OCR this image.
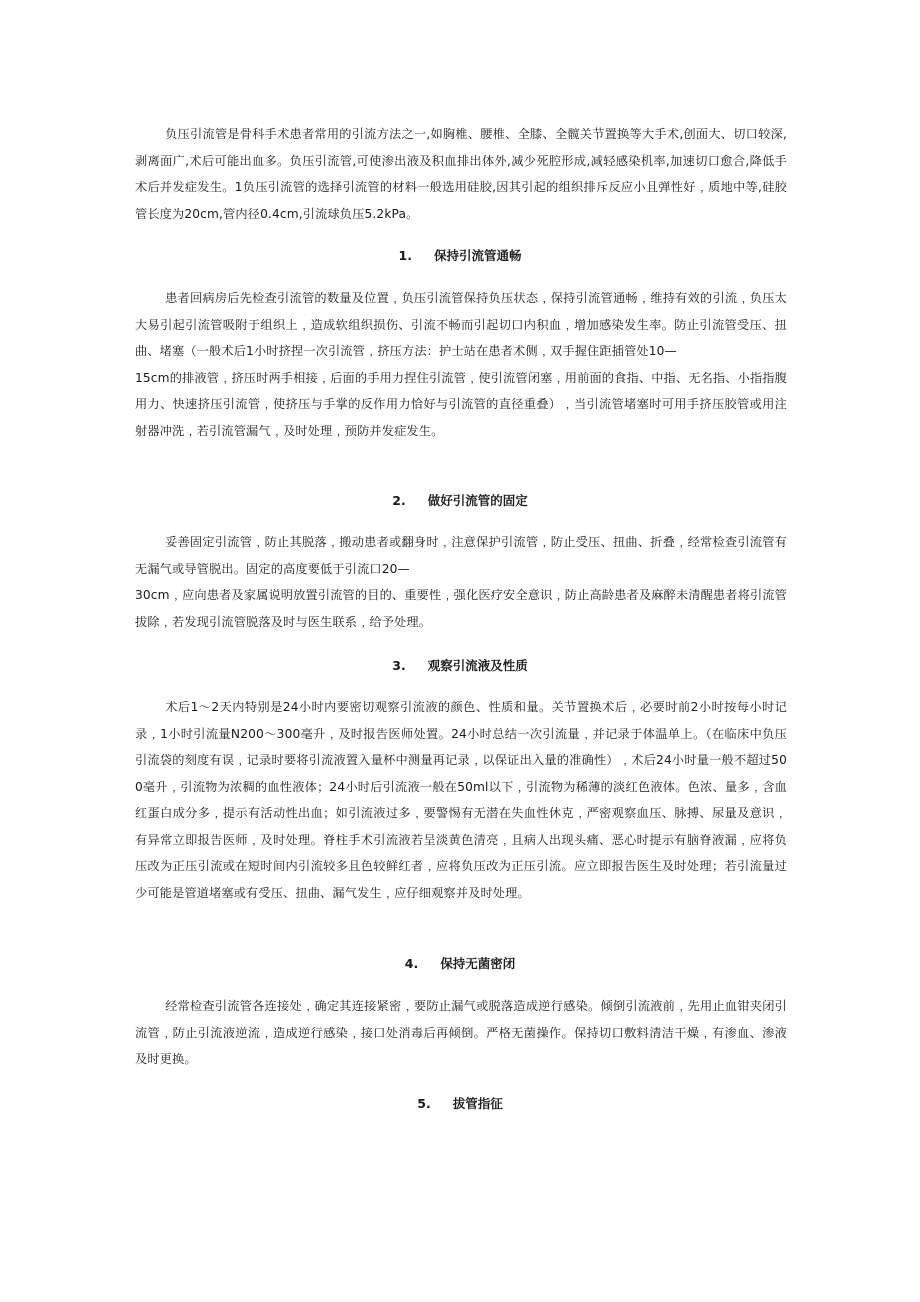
负压引流管是骨科手术患者常用的引流方法之一,如胸椎、腰椎、全膝、全髋关节置换等大手术,创面大、切口较深,剥离面广,术后可能出血多。负压引流管,可使渗出液及积血排出体外,减少死腔形成,减轻感染机率,加速切口愈合,降低手术后并发症发生。1负压引流管的选择引流管的材料一般选用硅胶,因其引起的组织排斥反应小且弹性好﹐质地中等,硅胶管长度为20cm,管内径0.4cm,引流球负压5.2kPa。

1. 保持引流管通畅

患者回病房后先检查引流管的数量及位置﹐负压引流管保持负压状态﹐保持引流管通畅﹐维持有效的引流﹐负压太大易引起引流管吸附于组织上﹐造成软组织损伤、引流不畅而引起切口内积血﹐增加感染发生率。防止引流管受压、扭曲、堵塞（一般术后1小时挤捏一次引流管﹐挤压方法：护士站在患者术侧﹐双手握住距插管处10—
15cm的排液管﹐挤压时两手相接﹐后面的手用力捏住引流管﹐使引流管闭塞﹐用前面的食指、中指、无名指、小指指腹用力、快速挤压引流管﹐使挤压与手掌的反作用力恰好与引流管的直径重叠）﹐当引流管堵塞时可用手挤压胶管或用注射器冲洗﹐若引流管漏气﹐及时处理﹐预防并发症发生。

2. 做好引流管的固定

妥善固定引流管﹐防止其脱落﹐搬动患者或翻身时﹐注意保护引流管﹐防止受压、扭曲、折叠﹐经常检查引流管有无漏气或导管脱出。固定的高度要低于引流口20—
30cm﹐应向患者及家属说明放置引流管的目的、重要性﹐强化医疗安全意识﹐防止高龄患者及麻醉未清醒患者将引流管拔除﹐若发现引流管脱落及时与医生联系﹐给予处理。

3. 观察引流液及性质

术后1～2天内特别是24小时内要密切观察引流液的颜色、性质和量。关节置换术后﹐必要时前2小时按每小时记录﹐1小时引流量N200～300毫升﹐及时报告医师处置。24小时总结一次引流量﹐并记录于体温单上。（在临床中负压引流袋的刻度有误﹐记录时要将引流液置入量杯中测量再记录﹐以保证出入量的准确性）﹐术后24小时量一般不超过500毫升﹐引流物为浓稠的血性液体；24小时后引流液一般在50ml以下﹐引流物为稀薄的淡红色液体。色浓、量多﹐含血红蛋白成分多﹐提示有活动性出血；如引流液过多﹐要警惕有无潜在失血性休克﹐严密观察血压、脉搏、尿量及意识﹐有异常立即报告医师﹐及时处理。脊柱手术引流液若呈淡黄色清亮﹐且病人出现头痛、恶心时提示有脑脊液漏﹐应将负压改为正压引流或在短时间内引流较多且色较鲜红者﹐应将负压改为正压引流。应立即报告医生及时处理；若引流量过少可能是管道堵塞或有受压、扭曲、漏气发生﹐应仔细观察并及时处理。

4. 保持无菌密闭

经常检查引流管各连接处﹐确定其连接紧密﹐要防止漏气或脱落造成逆行感染。倾倒引流液前﹐先用止血钳夹闭引流管﹐防止引流液逆流﹐造成逆行感染﹐接口处消毒后再倾倒。严格无菌操作。保持切口敷料清洁干燥﹐有渗血、渗液及时更换。

5. 拔管指征
